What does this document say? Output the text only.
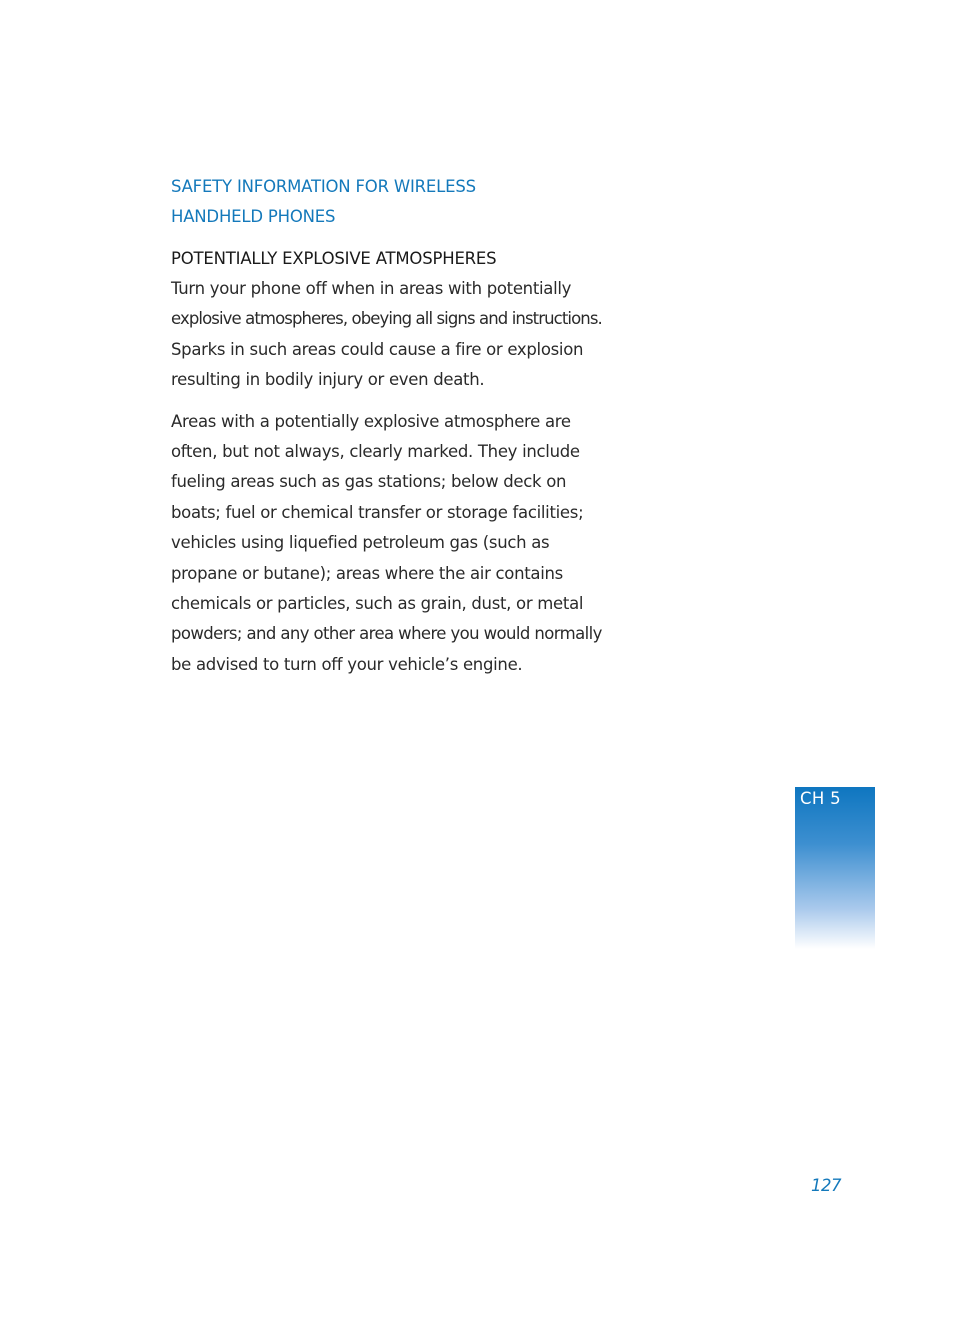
SAFETY INFORMATION FOR WIRELESS
HANDHELD PHONES
POTENTIALLY EXPLOSIVE ATMOSPHERES

Turn your phone off when in areas with potentially
explosive atmospheres, obeying all signs and instructions.
Sparks in such areas could cause a fire or explosion
resulting in bodily injury or even death.

Areas with a potentially explosive atmosphere are
often, but not always, clearly marked. They include
fueling areas such as gas stations; below deck on
boats; fuel or chemical transfer or storage facilities;
vehicles using liquefied petroleum gas (such as
propane or butane); areas where the air contains
chemicals or particles, such as grain, dust, or metal
powders; and any other area where you would normally
be advised to turn off your vehicle’s engine.

CH 5
127
